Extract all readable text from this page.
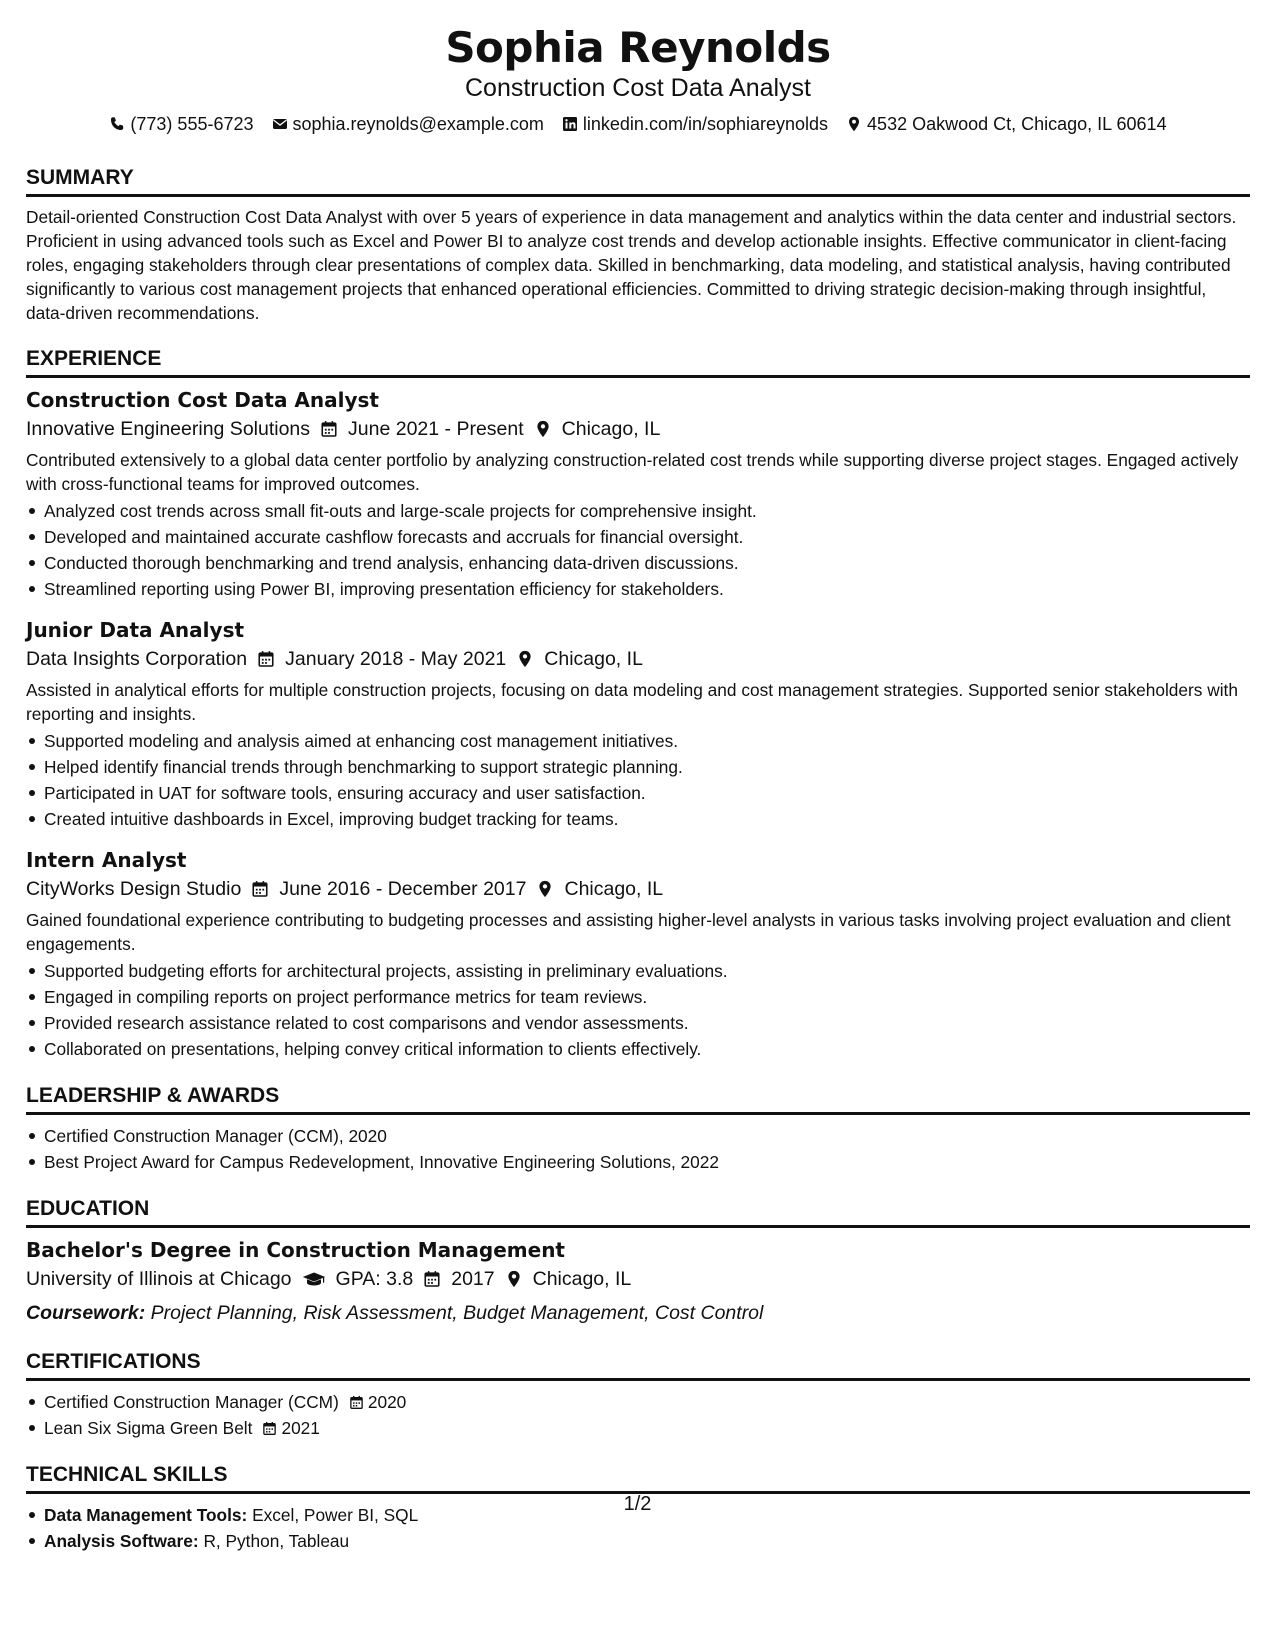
Sophia Reynolds
Construction Cost Data Analyst
(773) 555-6723 sophia.reynolds@example.com linkedin.com/in/sophiareynolds 4532 Oakwood Ct, Chicago, IL 60614
SUMMARY
Detail-oriented Construction Cost Data Analyst with over 5 years of experience in data management and analytics within the data center and industrial sectors. Proficient in using advanced tools such as Excel and Power BI to analyze cost trends and develop actionable insights. Effective communicator in client-facing roles, engaging stakeholders through clear presentations of complex data. Skilled in benchmarking, data modeling, and statistical analysis, having contributed significantly to various cost management projects that enhanced operational efficiencies. Committed to driving strategic decision-making through insightful, data-driven recommendations.
EXPERIENCE
Construction Cost Data Analyst
Innovative Engineering Solutions June 2021 - Present Chicago, IL
Contributed extensively to a global data center portfolio by analyzing construction-related cost trends while supporting diverse project stages. Engaged actively with cross-functional teams for improved outcomes.
Analyzed cost trends across small fit-outs and large-scale projects for comprehensive insight.
Developed and maintained accurate cashflow forecasts and accruals for financial oversight.
Conducted thorough benchmarking and trend analysis, enhancing data-driven discussions.
Streamlined reporting using Power BI, improving presentation efficiency for stakeholders.
Junior Data Analyst
Data Insights Corporation January 2018 - May 2021 Chicago, IL
Assisted in analytical efforts for multiple construction projects, focusing on data modeling and cost management strategies. Supported senior stakeholders with reporting and insights.
Supported modeling and analysis aimed at enhancing cost management initiatives.
Helped identify financial trends through benchmarking to support strategic planning.
Participated in UAT for software tools, ensuring accuracy and user satisfaction.
Created intuitive dashboards in Excel, improving budget tracking for teams.
Intern Analyst
CityWorks Design Studio June 2016 - December 2017 Chicago, IL
Gained foundational experience contributing to budgeting processes and assisting higher-level analysts in various tasks involving project evaluation and client engagements.
Supported budgeting efforts for architectural projects, assisting in preliminary evaluations.
Engaged in compiling reports on project performance metrics for team reviews.
Provided research assistance related to cost comparisons and vendor assessments.
Collaborated on presentations, helping convey critical information to clients effectively.
LEADERSHIP & AWARDS
Certified Construction Manager (CCM), 2020
Best Project Award for Campus Redevelopment, Innovative Engineering Solutions, 2022
EDUCATION
Bachelor's Degree in Construction Management
University of Illinois at Chicago GPA: 3.8 2017 Chicago, IL
Coursework: Project Planning, Risk Assessment, Budget Management, Cost Control
CERTIFICATIONS
Certified Construction Manager (CCM) 2020
Lean Six Sigma Green Belt 2021
TECHNICAL SKILLS
Data Management Tools: Excel, Power BI, SQL
Analysis Software: R, Python, Tableau
1/2
